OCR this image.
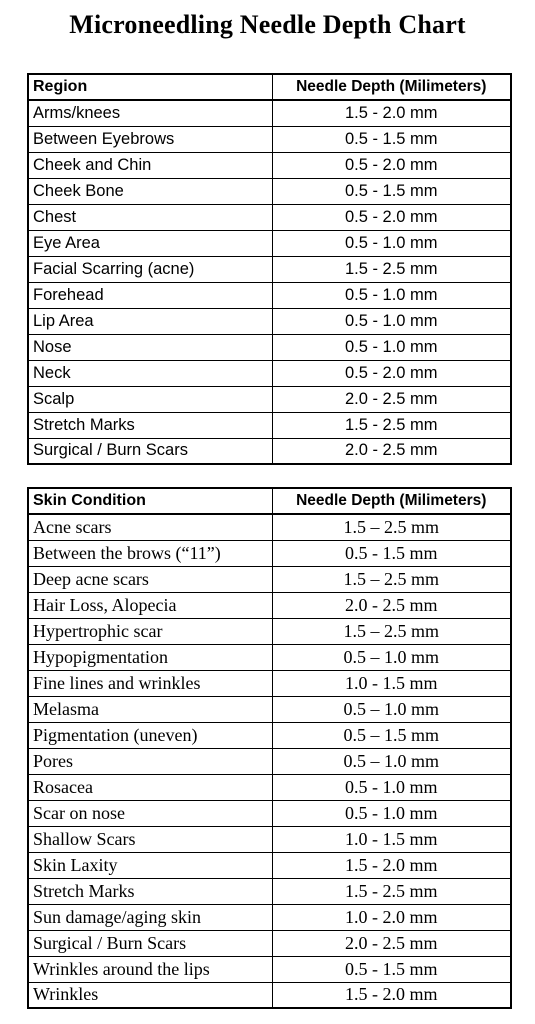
Microneedling Needle Depth Chart
Region	Needle Depth (Milimeters)
Arms/knees	1.5 - 2.0 mm
Between Eyebrows	0.5 - 1.5 mm
Cheek and Chin	0.5 - 2.0 mm
Cheek Bone	0.5 - 1.5 mm
Chest	0.5 - 2.0 mm
Eye Area	0.5 - 1.0 mm
Facial Scarring (acne)	1.5 - 2.5 mm
Forehead	0.5 - 1.0 mm
Lip Area	0.5 - 1.0 mm
Nose	0.5 - 1.0 mm
Neck	0.5 - 2.0 mm
Scalp	2.0 - 2.5 mm
Stretch Marks	1.5 - 2.5 mm
Surgical / Burn Scars	2.0 - 2.5 mm
Skin Condition	Needle Depth (Milimeters)
Acne scars	1.5 – 2.5 mm
Between the brows (“11”)	0.5 - 1.5 mm
Deep acne scars	1.5 – 2.5 mm
Hair Loss, Alopecia	2.0 - 2.5 mm
Hypertrophic scar	1.5 – 2.5 mm
Hypopigmentation	0.5 – 1.0 mm
Fine lines and wrinkles	1.0 - 1.5 mm
Melasma	0.5 – 1.0 mm
Pigmentation (uneven)	0.5 – 1.5 mm
Pores	0.5 – 1.0 mm
Rosacea	0.5 - 1.0 mm
Scar on nose	0.5 - 1.0 mm
Shallow Scars	1.0 - 1.5 mm
Skin Laxity	1.5 - 2.0 mm
Stretch Marks	1.5 - 2.5 mm
Sun damage/aging skin	1.0 - 2.0 mm
Surgical / Burn Scars	2.0 - 2.5 mm
Wrinkles around the lips	0.5 - 1.5 mm
Wrinkles	1.5 - 2.0 mm
